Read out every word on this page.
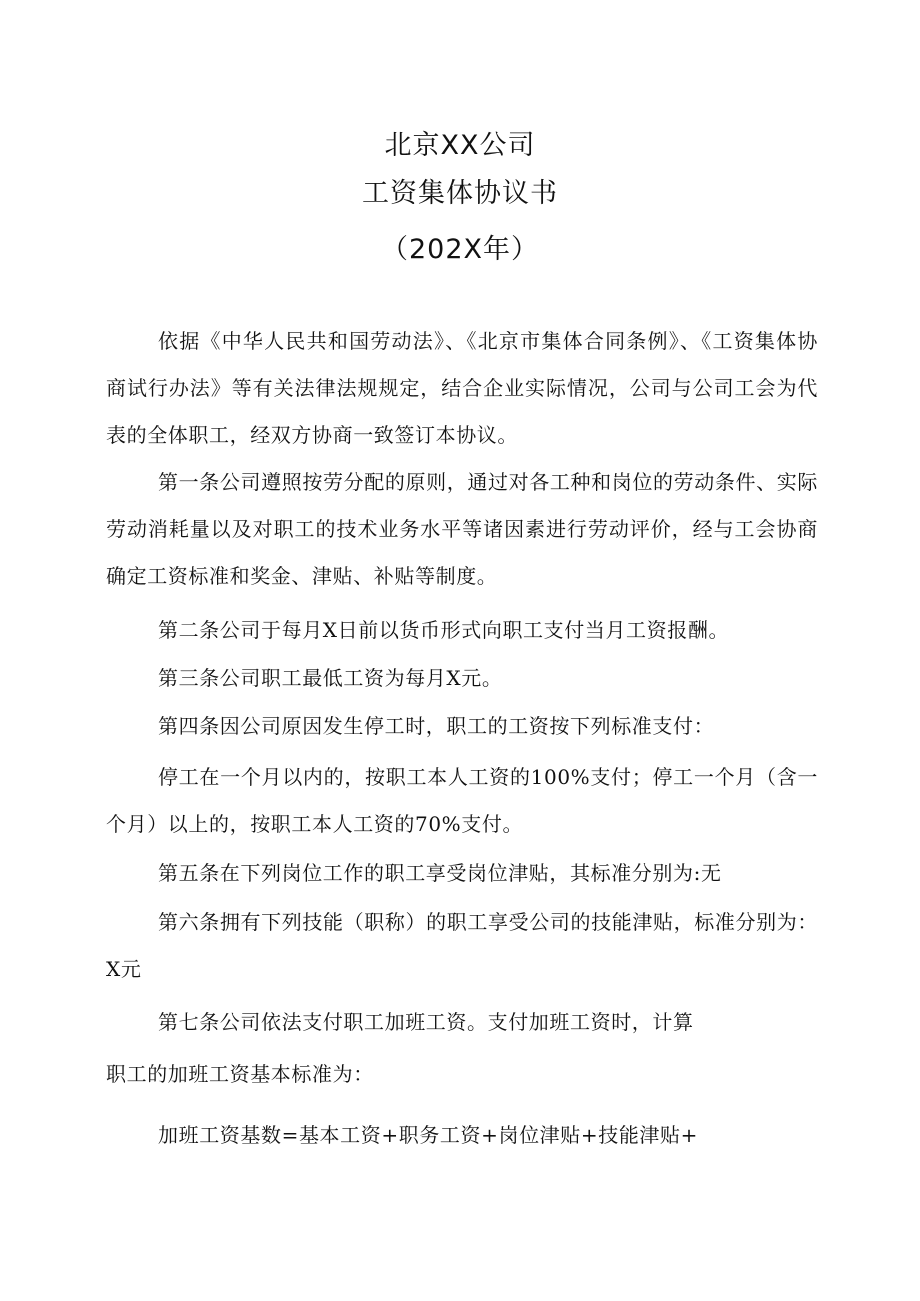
北京XX公司
工资集体协议书
（202X年）

依据《中华人民共和国劳动法》、《北京市集体合同条例》、《工资集体协商试行办法》等有关法律法规规定，结合企业实际情况，公司与公司工会为代表的全体职工，经双方协商一致签订本协议。

第一条公司遵照按劳分配的原则，通过对各工种和岗位的劳动条件、实际劳动消耗量以及对职工的技术业务水平等诸因素进行劳动评价，经与工会协商确定工资标准和奖金、津贴、补贴等制度。

第二条公司于每月X日前以货币形式向职工支付当月工资报酬。

第三条公司职工最低工资为每月X元。

第四条因公司原因发生停工时，职工的工资按下列标准支付：

停工在一个月以内的，按职工本人工资的100%支付；停工一个月（含一个月）以上的，按职工本人工资的70%支付。

第五条在下列岗位工作的职工享受岗位津贴，其标准分别为:无

第六条拥有下列技能（职称）的职工享受公司的技能津贴，标准分别为：X元

第七条公司依法支付职工加班工资。支付加班工资时，计算

职工的加班工资基本标准为：

加班工资基数=基本工资+职务工资+岗位津贴+技能津贴+
